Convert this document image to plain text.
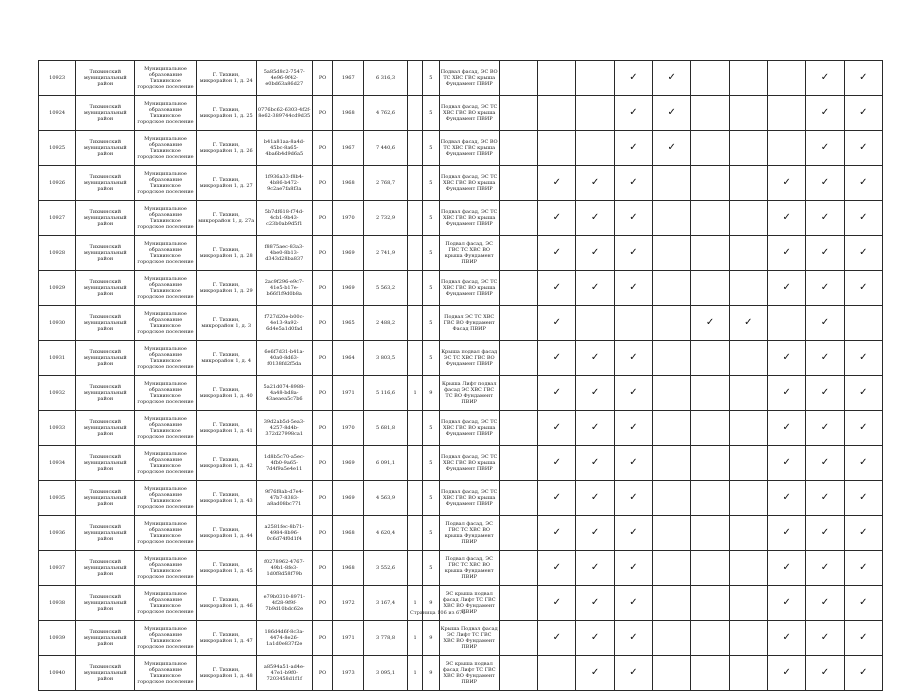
10923	Тихвинский муниципальный район	Муниципальное образование Тихвинское городское поселение	Г. Тихвин, микрорайон 1, д. 24	5a85d8c2-7547-4e96-9f42-e0bd63a86d27	РО	1967	6 316,3		5	Подвал фасад, ЭС ВО ТС ХВС ГВС крыша Фундамент ПВИР				✓	✓				✓	✓
10924	Тихвинский муниципальный район	Муниципальное образование Тихвинское городское поселение	Г. Тихвин, микрорайон 1, д. 25	0776bc62-6303-4f2f-8e62-389744cd9d35	РО	1968	4 762,6		5	Подвал фасад, ЭС ТС ХВС ГВС ВО крыша Фундамент ПВИР				✓	✓				✓	✓
10925	Тихвинский муниципальный район	Муниципальное образование Тихвинское городское поселение	Г. Тихвин, микрорайон 1, д. 26	b41a81aa-8a4d-45bc-8a65-4ba6b4d9d6a5	РО	1967	7 440,6		5	Подвал фасад, ЭС ВО ТС ХВС ГВС крыша Фундамент ПВИР				✓	✓				✓	✓
10926	Тихвинский муниципальный район	Муниципальное образование Тихвинское городское поселение	Г. Тихвин, микрорайон 1, д. 27	1f936a33-f8b4-4b86-b472-9c2ae7fa8f3a	РО	1968	2 768,7		5	Подвал фасад, ЭС ТС ХВС ГВС ВО крыша Фундамент ПВИР		✓	✓	✓				✓	✓	✓
10927	Тихвинский муниципальный район	Муниципальное образование Тихвинское городское поселение	Г. Тихвин, микрорайон 1, д. 27а	5b7df618-f74d-4cb1-9b43-c23b0ab9d5f1	РО	1970	2 732,9		5	Подвал фасад, ЭС ТС ХВС ГВС ВО крыша Фундамент ПВИР		✓	✓	✓				✓	✓	✓
10928	Тихвинский муниципальный район	Муниципальное образование Тихвинское городское поселение	Г. Тихвин, микрорайон 1, д. 28	f8875aec-83a3-4be0-8b13-d343d28ba837	РО	1969	2 741,9		5	Подвал фасад, ЭС ГВС ТС ХВС ВО крыша Фундамент ПВИР		✓	✓	✓				✓	✓	✓
10929	Тихвинский муниципальный район	Муниципальное образование Тихвинское городское поселение	Г. Тихвин, микрорайон 1, д. 29	2ac9f296-e9c7-41e5-b17e-b66f1f9d0b8a	РО	1969	5 563,2		5	Подвал фасад, ЭС ТС ХВС ГВС ВО крыша Фундамент ПВИР		✓	✓	✓				✓	✓	✓
10930	Тихвинский муниципальный район	Муниципальное образование Тихвинское городское поселение	Г. Тихвин, микрорайон 1, д. 3	f727d20e-b00c-4e13-9a92-6d4e5a1d0fad	РО	1965	2 488,2		5	Подвал ЭС ТС ХВС ГВС ВО Фундамент Фасад ПВИР		✓				✓	✓		✓	
10931	Тихвинский муниципальный район	Муниципальное образование Тихвинское городское поселение	Г. Тихвин, микрорайон 1, д. 4	6e6f7d31-b41a-40a0-8d63-f0138fd2f5da	РО	1964	3 803,5		5	Крыша подвал фасад ЭС ТС ХВС ГВС ВО Фундамент ПВИР		✓	✓	✓				✓	✓	✓
10932	Тихвинский муниципальный район	Муниципальное образование Тихвинское городское поселение	Г. Тихвин, микрорайон 1, д. 40	5a21d074-8988-4a48-bd8a-43aeaea5c7b6	РО	1971	5 116,6	1	9	Крыша Лифт подвал фасад ЭС ХВС ГВС ТС ВО Фундамент ПВИР		✓	✓	✓				✓	✓	✓
10933	Тихвинский муниципальный район	Муниципальное образование Тихвинское городское поселение	Г. Тихвин, микрорайон 1, д. 41	39d2ab5d-5ea3-4257-8d4b-372d27998ca1	РО	1970	5 681,8		5	Подвал фасад, ЭС ТС ХВС ГВС ВО крыша Фундамент ПВИР		✓	✓	✓				✓	✓	✓
10934	Тихвинский муниципальный район	Муниципальное образование Тихвинское городское поселение	Г. Тихвин, микрорайон 1, д. 42	1d8b5c70-a5ec-4fb0-9a65-7d4f9a5e4e11	РО	1969	6 091,1		5	Подвал фасад, ЭС ТС ХВС ГВС ВО крыша Фундамент ПВИР		✓	✓	✓				✓	✓	✓
10935	Тихвинский муниципальный район	Муниципальное образование Тихвинское городское поселение	Г. Тихвин, микрорайон 1, д. 43	9f76f8ab-d7e4-47b7-8383-a8ad08bc771	РО	1969	4 563,9		5	Подвал фасад, ЭС ТС ХВС ГВС ВО крыша Фундамент ПВИР		✓	✓	✓				✓	✓	✓
10936	Тихвинский муниципальный район	Муниципальное образование Тихвинское городское поселение	Г. Тихвин, микрорайон 1, д. 44	a2581fec-8b71-4984-8b96-0c6d74f0d1f4	РО	1968	4 620,4		5	Подвал фасад, ЭС ГВС ТС ХВС ВО крыша Фундамент ПВИР		✓	✓	✓				✓	✓	✓
10937	Тихвинский муниципальный район	Муниципальное образование Тихвинское городское поселение	Г. Тихвин, микрорайон 1, д. 45	f0278962-4767-49b1-8fe3-1d0f8d58f79b	РО	1968	3 552,6		5	Подвал фасад, ЭС ГВС ТС ХВС ВО крыша Фундамент ПВИР		✓	✓	✓				✓	✓	✓
10938	Тихвинский муниципальный район	Муниципальное образование Тихвинское городское поселение	Г. Тихвин, микрорайон 1, д. 46	e79b0310-8971-4f28-9f9f-7b9d10bdc62e	РО	1972	3 167,4	1	9	ЭС крыша подвал фасад Лифт ТС ГВС ХВС ВО Фундамент ПВИР		✓	✓	✓				✓	✓	✓
10939	Тихвинский муниципальный район	Муниципальное образование Тихвинское городское поселение	Г. Тихвин, микрорайон 1, д. 47	186d4d6f-8c3a-4474-8e26-1a1d0e837f2e	РО	1971	3 778,8	1	9	Крыша Подвал фасад ЭС Лифт ТС ГВС ХВС ВО Фундамент ПВИР		✓	✓	✓				✓	✓	✓
10940	Тихвинский муниципальный район	Муниципальное образование Тихвинское городское поселение	Г. Тихвин, микрорайон 1, д. 48	a8594a51-ad4e-47e1-b9f0-7203458d1f1f	РО	1973	3 095,1	1	9	ЭС крыша подвал фасад Лифт ТС ГВС ХВС ВО Фундамент ПВИР			✓	✓				✓	✓	✓
Страница 106 из 670
